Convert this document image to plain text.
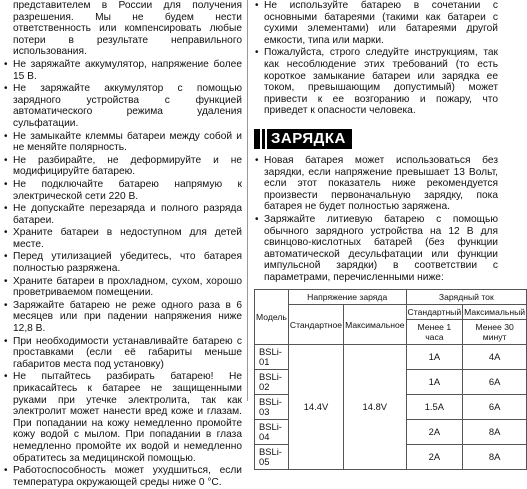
представителем в России для получения разрешения. Мы не будем нести ответственность или компенсировать любые потери в результате неправильного использования.

• Не заряжайте аккумулятор, напряжение более 15 В.

• Не заряжайте аккумулятор с помощью зарядного устройства с функцией автоматического режима удаления сульфатации.

• Не замыкайте клеммы батареи между собой и не меняйте полярность.

• Не разбирайте, не деформируйте и не модифицируйте батарею.

• Не подключайте батарею напрямую к электрической сети 220 В.

• Не допускайте перезаряда и полного разряда батареи.

• Храните батареи в недоступном для детей месте.

• Перед утилизацией убедитесь, что батарея полностью разряжена.

• Храните батареи в прохладном, сухом, хорошо проветриваемом помещении.

• Заряжайте батарею не реже одного раза в 6 месяцев или при падении напряжения ниже 12,8 В.

• При необходимости устанавливайте батарею с проставками (если её габариты меньше габаритов места под установку)

• Не пытайтесь разбирать батарею! Не прикасайтесь к батарее не защищенными руками при утечке электролита, так как электролит может нанести вред коже и глазам. При попадании на кожу немедленно промойте кожу водой с мылом. При попадании в глаза немедленно промойте их водой и немедленно обратитесь за медицинской помощью.

• Работоспособность может ухудшиться, если температура окружающей среды ниже 0 °С.

• Не используйте батарею в сочетании с основными батареями (такими как батареи с сухими элементами) или батареями другой емкости, типа или марки.

• Пожалуйста, строго следуйте инструкциям, так как несоблюдение этих требований (то есть короткое замыкание батареи или зарядка ее током, превышающим допустимый) может привести к ее возгоранию и пожару, что приведет к опасности человека.

ЗАРЯДКА

• Новая батарея может использоваться без зарядки, если напряжение превышает 13 Вольт, если этот показатель ниже рекомендуется произвести первоначальную зарядку, пока батарея не будет полностью заряжена.

• Заряжайте литиевую батарею с помощью обычного зарядного устройства на 12 В для свинцово-кислотных батарей (без функции автоматической десульфатации или функции импульсной зарядки) в соответствии с параметрами, перечисленными ниже:

Модель	Напряжение заряда		Зарядный ток	
	Стандартное	Максимальное	Стандартный	Максимальный
			Менее 1 часа	Менее 30 минут
BSLi-01	14.4V	14.8V	1A	4A
BSLi-02			1A	6A
BSLi-03			1.5A	6A
BSLi-04			2A	8A
BSLi-05			2A	8A
